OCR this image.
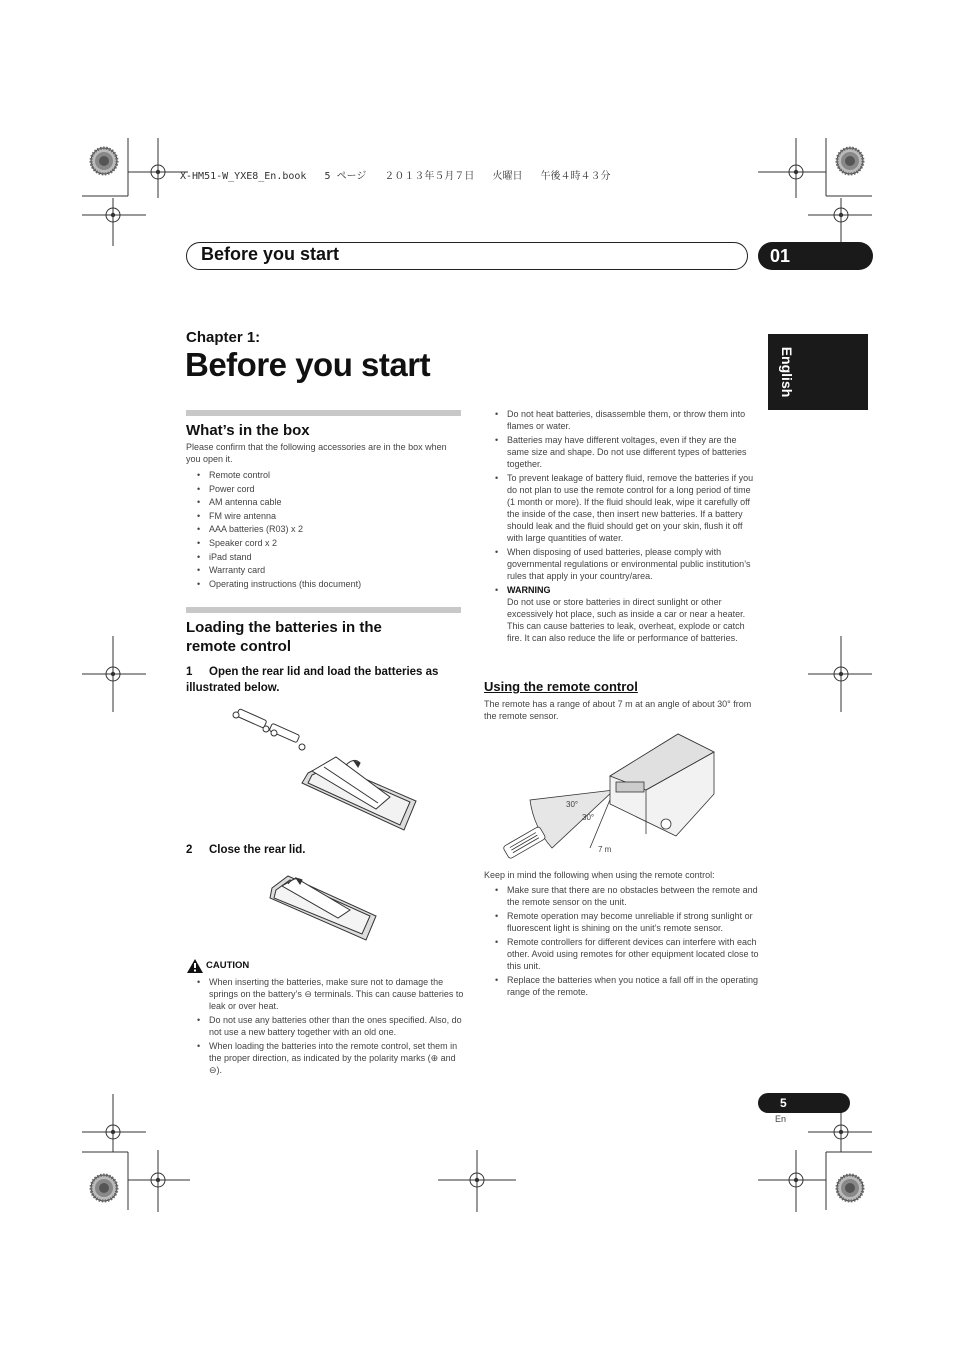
X-HM51-W_YXE8_En.book   5 ページ   ２０１３年５月７日   火曜日   午後４時４３分
Before you start	01
English
Chapter 1:
Before you start
What’s in the box
Please confirm that the following accessories are in the box when you open it.
• Remote control
• Power cord
• AM antenna cable
• FM wire antenna
• AAA batteries (R03) x 2
• Speaker cord x 2
• iPad stand
• Warranty card
• Operating instructions (this document)
Loading the batteries in the
remote control
1 Open the rear lid and load the batteries as
illustrated below.
2 Close the rear lid.
CAUTION
• When inserting the batteries, make sure not to damage the springs on the battery’s ⊖ terminals. This can cause batteries to leak or over heat.
• Do not use any batteries other than the ones specified. Also, do not use a new battery together with an old one.
• When loading the batteries into the remote control, set them in the proper direction, as indicated by the polarity marks (⊕ and ⊖).
• Do not heat batteries, disassemble them, or throw them into flames or water.
• Batteries may have different voltages, even if they are the same size and shape. Do not use different types of batteries together.
• To prevent leakage of battery fluid, remove the batteries if you do not plan to use the remote control for a long period of time (1 month or more). If the fluid should leak, wipe it carefully off the inside of the case, then insert new batteries. If a battery should leak and the fluid should get on your skin, flush it off with large quantities of water.
• When disposing of used batteries, please comply with governmental regulations or environmental public institution’s rules that apply in your country/area.
• WARNING
Do not use or store batteries in direct sunlight or other excessively hot place, such as inside a car or near a heater. This can cause batteries to leak, overheat, explode or catch fire. It can also reduce the life or performance of batteries.
Using the remote control
The remote has a range of about 7 m at an angle of about 30° from the remote sensor.
30°
30°
7 m
Keep in mind the following when using the remote control:
• Make sure that there are no obstacles between the remote and the remote sensor on the unit.
• Remote operation may become unreliable if strong sunlight or fluorescent light is shining on the unit’s remote sensor.
• Remote controllers for different devices can interfere with each other. Avoid using remotes for other equipment located close to this unit.
• Replace the batteries when you notice a fall off in the operating range of the remote.
5
En
